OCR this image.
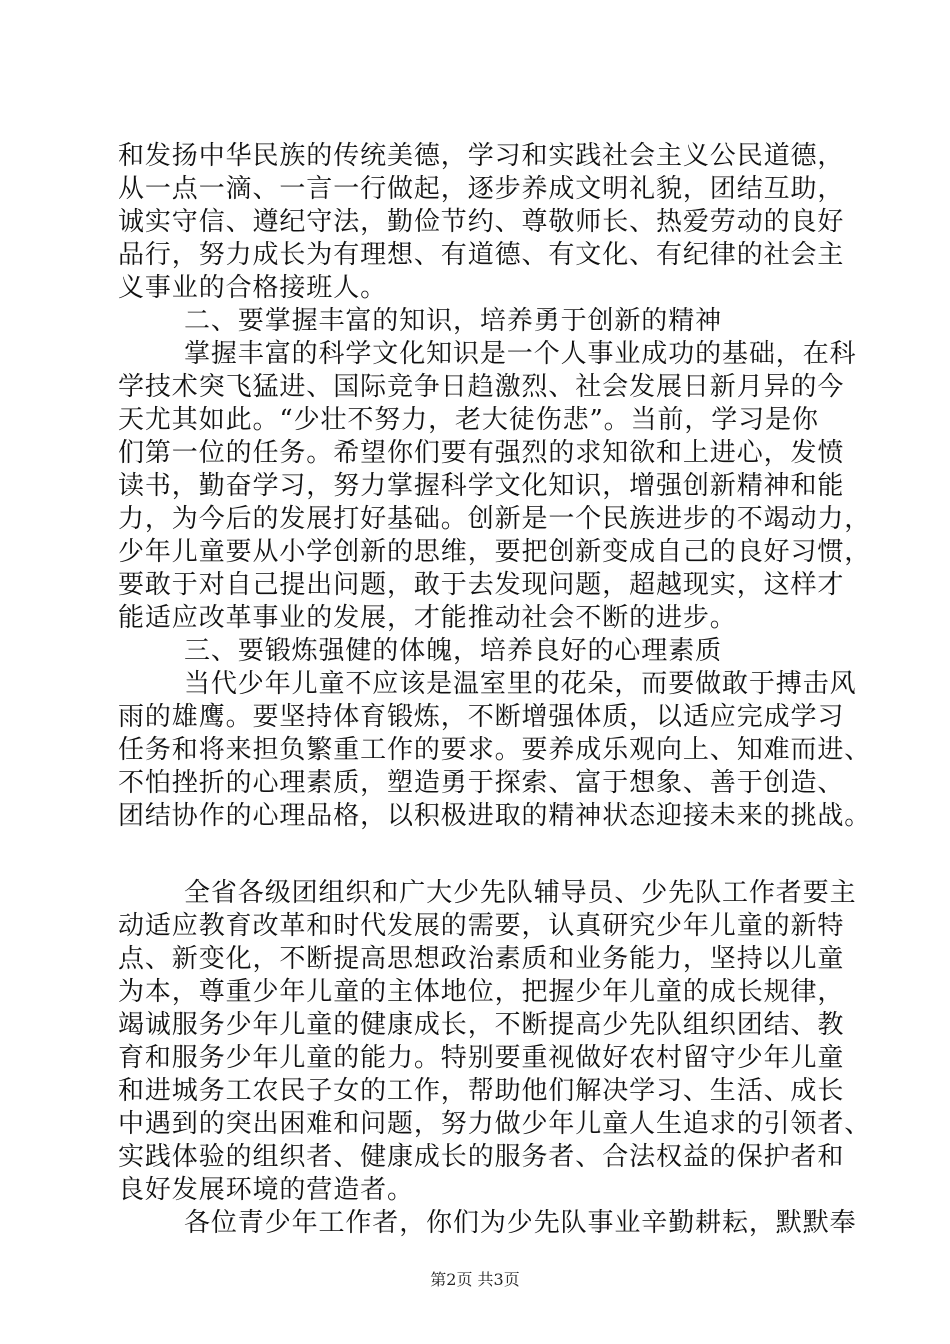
和发扬中华民族的传统美德，学习和实践社会主义公民道德，
从一点一滴、一言一行做起，逐步养成文明礼貌，团结互助，
诚实守信、遵纪守法，勤俭节约、尊敬师长、热爱劳动的良好
品行，努力成长为有理想、有道德、有文化、有纪律的社会主
义事业的合格接班人。
二、要掌握丰富的知识，培养勇于创新的精神
掌握丰富的科学文化知识是一个人事业成功的基础，在科
学技术突飞猛进、国际竞争日趋激烈、社会发展日新月异的今
天尤其如此。“少壮不努力，老大徒伤悲”。当前，学习是你
们第一位的任务。希望你们要有强烈的求知欲和上进心，发愤
读书，勤奋学习，努力掌握科学文化知识，增强创新精神和能
力，为今后的发展打好基础。创新是一个民族进步的不竭动力，
少年儿童要从小学创新的思维，要把创新变成自己的良好习惯，
要敢于对自己提出问题，敢于去发现问题，超越现实，这样才
能适应改革事业的发展，才能推动社会不断的进步。
三、要锻炼强健的体魄，培养良好的心理素质
当代少年儿童不应该是温室里的花朵，而要做敢于搏击风
雨的雄鹰。要坚持体育锻炼，不断增强体质，以适应完成学习
任务和将来担负繁重工作的要求。要养成乐观向上、知难而进、
不怕挫折的心理素质，塑造勇于探索、富于想象、善于创造、
团结协作的心理品格，以积极进取的精神状态迎接未来的挑战。
全省各级团组织和广大少先队辅导员、少先队工作者要主
动适应教育改革和时代发展的需要，认真研究少年儿童的新特
点、新变化，不断提高思想政治素质和业务能力，坚持以儿童
为本，尊重少年儿童的主体地位，把握少年儿童的成长规律，
竭诚服务少年儿童的健康成长，不断提高少先队组织团结、教
育和服务少年儿童的能力。特别要重视做好农村留守少年儿童
和进城务工农民子女的工作，帮助他们解决学习、生活、成长
中遇到的突出困难和问题，努力做少年儿童人生追求的引领者、
实践体验的组织者、健康成长的服务者、合法权益的保护者和
良好发展环境的营造者。
各位青少年工作者，你们为少先队事业辛勤耕耘，默默奉
第2页 共3页
